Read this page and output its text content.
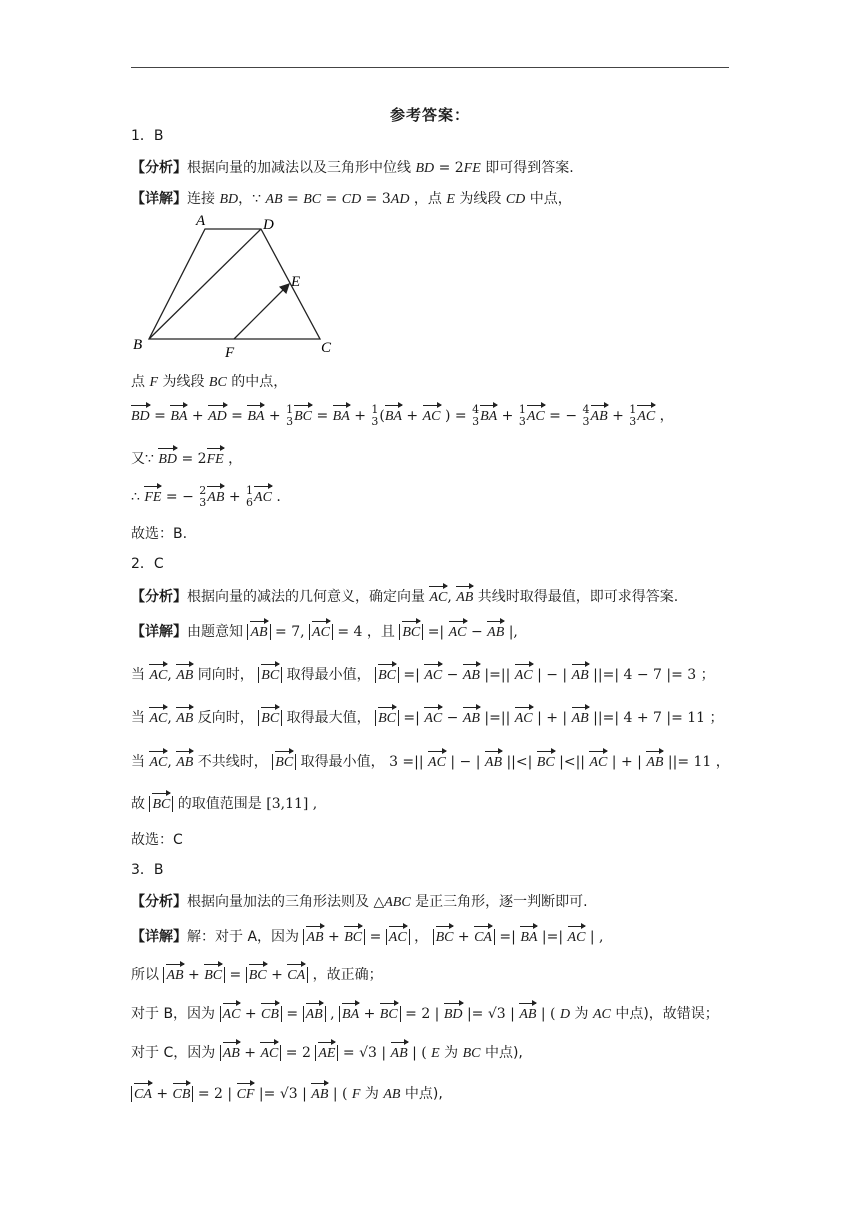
参考答案：
1．B
【分析】根据向量的加减法以及三角形中位线 BD = 2FE 即可得到答案.
【详解】连接 BD，∵ AB = BC = CD = 3AD ，点 E 为线段 CD 中点，
A	D
E
B	F	C
点 F 为线段 BC 的中点，
BD = BA + AD = BA + 1
3 BC = BA + 1
3 (BA + AC ) = 4
3 BA + 1
3 AC = − 4
3 AB + 1
3 AC ，
又∵ BD = 2FE ，
∴ FE = − 2
3 AB + 1
6 AC .
故选：B.
2．C
【分析】根据向量的减法的几何意义，确定向量 AC, AB 共线时取得最值，即可求得答案.
【详解】由题意知 AB = 7, AC = 4 ，且 BC =| AC − AB |,
当 AC, AB 同向时， BC 取得最小值， BC =| AC − AB |=|| AC | − | AB ||=| 4 − 7 |= 3 ；
当 AC, AB 反向时， BC 取得最大值， BC =| AC − AB |=|| AC | + | AB ||=| 4 + 7 |= 11 ；
当 AC, AB 不共线时， BC 取得最小值， 3 =|| AC | − | AB ||<| BC |<|| AC | + | AB ||= 11 ，
故 BC 的取值范围是 [3,11] ,
故选：C
3．B
【分析】根据向量加法的三角形法则及 △ABC 是正三角形，逐一判断即可.
【详解】解：对于 A，因为 AB + BC = AC ， BC + CA =| BA |=| AC | ,
所以 AB + BC = BC + CA ，故正确；
对于 B，因为 AC + CB = AB , BA + BC = 2 | BD |= √3 | AB | ( D 为 AC 中点)，故错误；
对于 C，因为 AB + AC = 2 AE = √3 | AB | ( E 为 BC 中点),
CA + CB = 2 | CF |= √3 | AB | ( F 为 AB 中点),
